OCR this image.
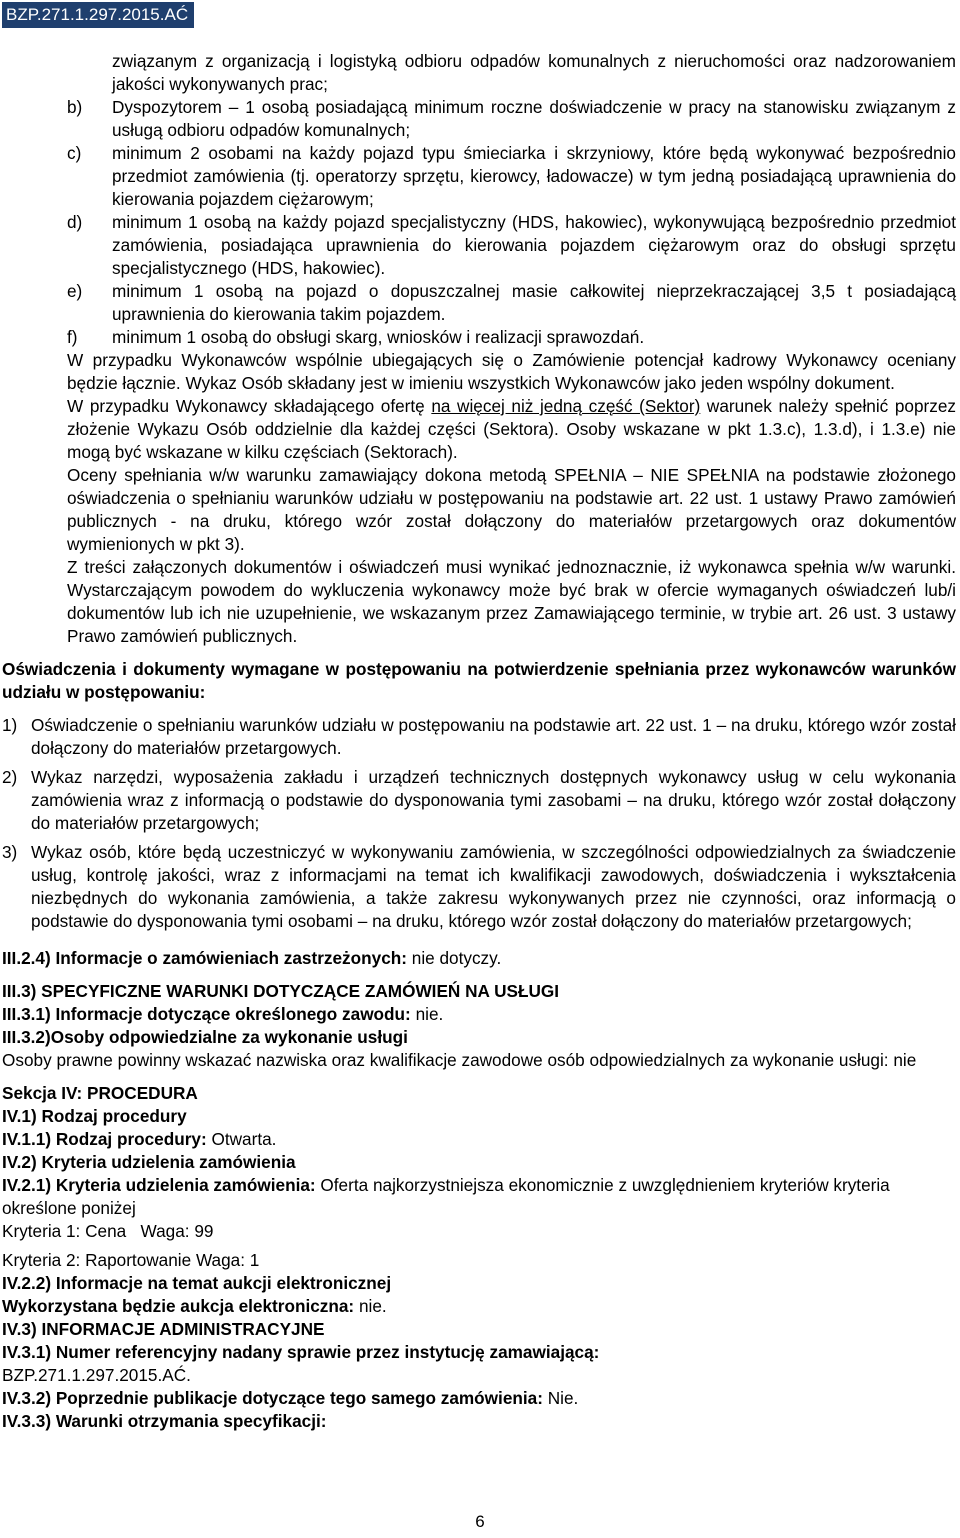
BZP.271.1.297.2015.AĆ

związanym z organizacją i logistyką odbioru odpadów komunalnych z nieruchomości oraz nadzorowaniem jakości wykonywanych prac;

b) Dyspozytorem – 1 osobą posiadającą minimum roczne doświadczenie w pracy na stanowisku związanym z usługą odbioru odpadów komunalnych;

c) minimum 2 osobami na każdy pojazd typu śmieciarka i skrzyniowy, które będą wykonywać bezpośrednio przedmiot zamówienia (tj. operatorzy sprzętu, kierowcy, ładowacze) w tym jedną posiadającą uprawnienia do kierowania pojazdem ciężarowym;

d) minimum 1 osobą na każdy pojazd specjalistyczny (HDS, hakowiec), wykonywującą bezpośrednio przedmiot zamówienia, posiadająca uprawnienia do kierowania pojazdem ciężarowym oraz do obsługi sprzętu specjalistycznego (HDS, hakowiec).

e) minimum 1 osobą na pojazd o dopuszczalnej masie całkowitej nieprzekraczającej 3,5 t posiadającą uprawnienia do kierowania takim pojazdem.

f) minimum 1 osobą do obsługi skarg, wniosków i realizacji sprawozdań.

W przypadku Wykonawców wspólnie ubiegających się o Zamówienie potencjał kadrowy Wykonawcy oceniany będzie łącznie. Wykaz Osób składany jest w imieniu wszystkich Wykonawców jako jeden wspólny dokument.

W przypadku Wykonawcy składającego ofertę na więcej niż jedną część (Sektor) warunek należy spełnić poprzez złożenie Wykazu Osób oddzielnie dla każdej części (Sektora). Osoby wskazane w pkt 1.3.c), 1.3.d), i 1.3.e) nie mogą być wskazane w kilku częściach (Sektorach).

Oceny spełniania w/w warunku zamawiający dokona metodą SPEŁNIA – NIE SPEŁNIA na podstawie złożonego oświadczenia o spełnianiu warunków udziału w postępowaniu na podstawie art. 22 ust. 1 ustawy Prawo zamówień publicznych - na druku, którego wzór został dołączony do materiałów przetargowych oraz dokumentów wymienionych w pkt 3).

Z treści załączonych dokumentów i oświadczeń musi wynikać jednoznacznie, iż wykonawca spełnia w/w warunki. Wystarczającym powodem do wykluczenia wykonawcy może być brak w ofercie wymaganych oświadczeń lub/i dokumentów lub ich nie uzupełnienie, we wskazanym przez Zamawiającego terminie, w trybie art. 26 ust. 3 ustawy Prawo zamówień publicznych.

Oświadczenia i dokumenty wymagane w postępowaniu na potwierdzenie spełniania przez wykonawców warunków udziału w postępowaniu:

1) Oświadczenie o spełnianiu warunków udziału w postępowaniu na podstawie art. 22 ust. 1 – na druku, którego wzór został dołączony do materiałów przetargowych.

2) Wykaz narzędzi, wyposażenia zakładu i urządzeń technicznych dostępnych wykonawcy usług w celu wykonania zamówienia wraz z informacją o podstawie do dysponowania tymi zasobami – na druku, którego wzór został dołączony do materiałów przetargowych;

3) Wykaz osób, które będą uczestniczyć w wykonywaniu zamówienia, w szczególności odpowiedzialnych za świadczenie usług, kontrolę jakości, wraz z informacjami na temat ich kwalifikacji zawodowych, doświadczenia i wykształcenia niezbędnych do wykonania zamówienia, a także zakresu wykonywanych przez nie czynności, oraz informacją o podstawie do dysponowania tymi osobami – na druku, którego wzór został dołączony do materiałów przetargowych;

III.2.4) Informacje o zamówieniach zastrzeżonych: nie dotyczy.

III.3) SPECYFICZNE WARUNKI DOTYCZĄCE ZAMÓWIEŃ NA USŁUGI

III.3.1) Informacje dotyczące określonego zawodu: nie.

III.3.2)Osoby odpowiedzialne za wykonanie usługi

Osoby prawne powinny wskazać nazwiska oraz kwalifikacje zawodowe osób odpowiedzialnych za wykonanie usługi: nie

Sekcja IV: PROCEDURA

IV.1) Rodzaj procedury

IV.1.1) Rodzaj procedury: Otwarta.

IV.2) Kryteria udzielenia zamówienia

IV.2.1) Kryteria udzielenia zamówienia: Oferta najkorzystniejsza ekonomicznie z uwzględnieniem kryteriów kryteria określone poniżej

Kryteria 1: Cena Waga: 99

Kryteria 2: Raportowanie Waga: 1

IV.2.2) Informacje na temat aukcji elektronicznej

Wykorzystana będzie aukcja elektroniczna: nie.

IV.3) INFORMACJE ADMINISTRACYJNE

IV.3.1) Numer referencyjny nadany sprawie przez instytucję zamawiającą:

BZP.271.1.297.2015.AĆ.

IV.3.2) Poprzednie publikacje dotyczące tego samego zamówienia: Nie.

IV.3.3) Warunki otrzymania specyfikacji:

6
